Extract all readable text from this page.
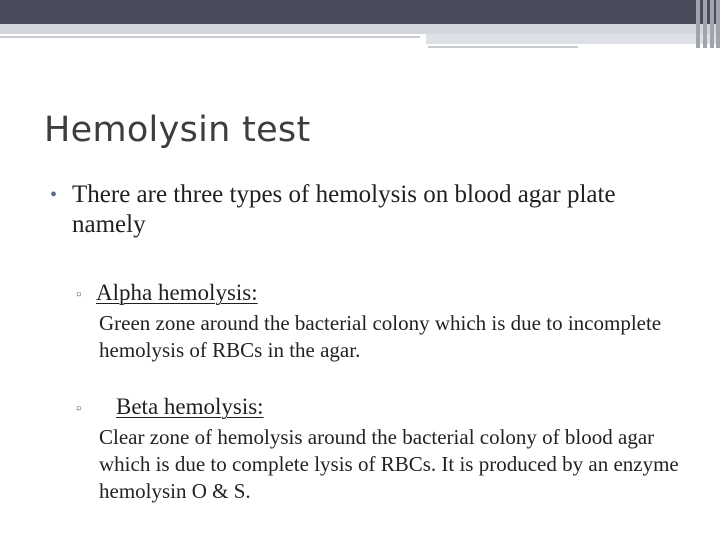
Hemolysin test
• There are three types of hemolysis on blood agar plate namely
▫ Alpha hemolysis:
Green zone around the bacterial colony which is due to incomplete hemolysis of RBCs in the agar.
▫ Beta hemolysis:
Clear zone of hemolysis around the bacterial colony of blood agar which is due to complete lysis of RBCs. It is produced by an enzyme hemolysin O & S.
